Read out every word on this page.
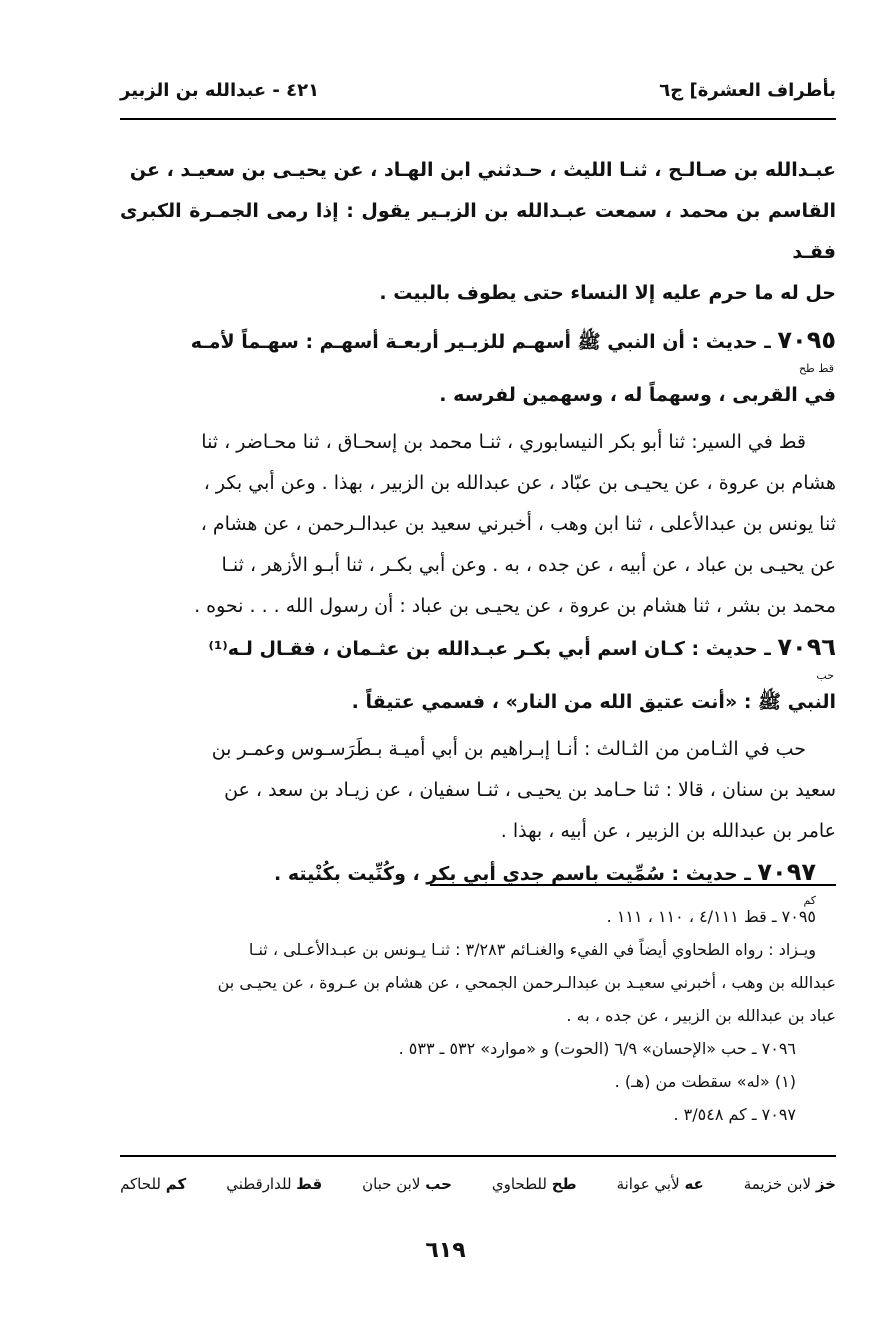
بأطراف العشرة] ج٦
٤٢١ - عبدالله بن الزبير

عبـدالله بن صـالـح ، ثنـا الليث ، حـدثني ابن الهـاد ، عن يحيـى بن سعيـد ، عن

القاسم بن محمد ، سمعت عبـدالله بن الزبـير يقول : إذا رمى الجمـرة الكبرى فقـد

حل له ما حرم عليه إلا النساء حتى يطوف بالبيت .

٧٠٩٥ ـ حديث : أن النبي ﷺ أسهـم للزبـير أربعـة أسهـم : سهـماً لأمـه

قط طح

في القربى ، وسهماً له ، وسهمين لفرسه .

قط في السير: ثنا أبو بكر النيسابوري ، ثنـا محمد بن إسحـاق ، ثنا محـاضر ، ثنا

هشام بن عروة ، عن يحيـى بن عبّاد ، عن عبدالله بن الزبير ، بهذا . وعن أبي بكر ،

ثنا يونس بن عبدالأعلى ، ثنا ابن وهب ، أخبرني سعيد بن عبدالـرحمن ، عن هشام ،

عن يحيـى بن عباد ، عن أبيه ، عن جده ، به . وعن أبي بكـر ، ثنا أبـو الأزهر ، ثنـا

محمد بن بشر ، ثنا هشام بن عروة ، عن يحيـى بن عباد : أن رسول الله . . . نحوه .

٧٠٩٦ ـ حديث : كـان اسم أبي بكـر عبـدالله بن عثـمان ، فقـال لـه⁽¹⁾

حب

النبي ﷺ : «أنت عتيق الله من النار» ، فسمي عتيقاً .

حب في الثـامن من الثـالث : أنـا إبـراهيم بن أبي أميـة بـطَرَسـوس وعمـر بن

سعيد بن سنان ، قالا : ثنا حـامد بن يحيـى ، ثنـا سفيان ، عن زيـاد بن سعد ، عن

عامر بن عبدالله بن الزبير ، عن أبيه ، بهذا .

٧٠٩٧ ـ حديث : سُمِّيت باسم جدي أبي بكر ، وكُنِّيت بكُنْيته .

كم

٧٠٩٥ ـ قط ٤/١١١ ، ١١٠ ، ١١١ .

ويـزاد : رواه الطحاوي أيضاً في الفيء والغنـائم ٣/٢٨٣ : ثنـا يـونس بن عبـدالأعـلى ، ثنـا

عبدالله بن وهب ، أخبرني سعيـد بن عبدالـرحمن الجمحي ، عن هشام بن عـروة ، عن يحيـى بن

عباد بن عبدالله بن الزبير ، عن جده ، به .

٧٠٩٦ ـ حب «الإحسان» ٦/٩ (الحوت) و «موارد» ٥٣٢ ـ ٥٣٣ .

(١) «له» سقطت من (هـ) .

٧٠٩٧ ـ كم ٣/٥٤٨ .

خز لابن خزيمة
عه لأبي عوانة
طح للطحاوي
حب لابن حبان
قط للدارقطني
كم للحاكم
٦١٩
